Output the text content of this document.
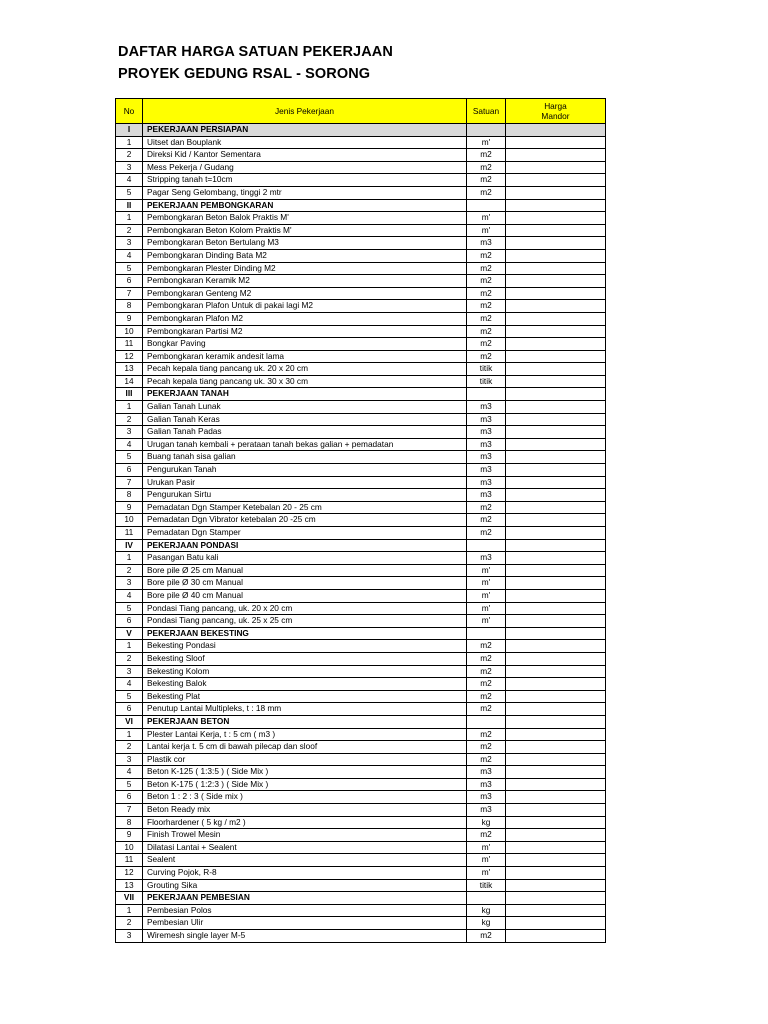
DAFTAR HARGA SATUAN PEKERJAAN
PROYEK GEDUNG RSAL - SORONG
No	Jenis Pekerjaan	Satuan	Harga
Mandor

I	PEKERJAAN PERSIAPAN		
1	Uitset dan Bouplank	m'	
2	Direksi Kid / Kantor Sementara	m2	
3	Mess Pekerja / Gudang	m2	
4	Stripping tanah t=10cm	m2	
5	Pagar Seng Gelombang, tinggi 2 mtr	m2	
II	PEKERJAAN PEMBONGKARAN		
1	Pembongkaran Beton Balok Praktis M'	m'	
2	Pembongkaran Beton Kolom Praktis M'	m'	
3	Pembongkaran Beton Bertulang M3	m3	
4	Pembongkaran Dinding Bata M2	m2	
5	Pembongkaran Plester Dinding M2	m2	
6	Pembongkaran Keramik M2	m2	
7	Pembongkaran Genteng M2	m2	
8	Pembongkaran Plafon Untuk di pakai lagi M2	m2	
9	Pembongkaran Plafon M2	m2	
10	Pembongkaran Partisi M2	m2	
11	Bongkar Paving	m2	
12	Pembongkaran keramik andesit lama	m2	
13	Pecah kepala tiang pancang uk. 20 x 20 cm	titik	
14	Pecah kepala tiang pancang uk. 30 x 30 cm	titik	
III	PEKERJAAN TANAH		
1	Galian Tanah Lunak	m3	
2	Galian Tanah Keras	m3	
3	Galian Tanah Padas	m3	
4	Urugan tanah kembali + perataan tanah bekas galian + pemadatan	m3	
5	Buang tanah sisa galian	m3	
6	Pengurukan Tanah	m3	
7	Urukan Pasir	m3	
8	Pengurukan Sirtu	m3	
9	Pemadatan Dgn Stamper Ketebalan 20 - 25 cm	m2	
10	Pemadatan Dgn Vibrator ketebalan 20 -25 cm	m2	
11	Pemadatan Dgn Stamper	m2	
IV	PEKERJAAN PONDASI		
1	Pasangan Batu kali	m3	
2	Bore pile Ø 25 cm Manual	m'	
3	Bore pile Ø 30 cm Manual	m'	
4	Bore pile Ø 40 cm Manual	m'	
5	Pondasi Tiang pancang, uk. 20 x 20 cm	m'	
6	Pondasi Tiang pancang, uk. 25 x 25 cm	m'	
V	PEKERJAAN BEKESTING		
1	Bekesting Pondasi	m2	
2	Bekesting Sloof	m2	
3	Bekesting Kolom	m2	
4	Bekesting Balok	m2	
5	Bekesting Plat	m2	
6	Penutup Lantai Multipleks, t : 18 mm	m2	
VI	PEKERJAAN BETON		
1	Plester Lantai Kerja, t : 5 cm ( m3 )	m2	
2	Lantai kerja t. 5 cm di bawah pilecap dan sloof	m2	
3	Plastik cor	m2	
4	Beton K-125 ( 1:3:5 ) ( Side Mix )	m3	
5	Beton K-175 ( 1:2:3 ) ( Side Mix )	m3	
6	Beton 1 : 2 : 3 ( Side mix )	m3	
7	Beton Ready mix	m3	
8	Floorhardener ( 5 kg / m2 )	kg	
9	Finish Trowel Mesin	m2	
10	Dilatasi Lantai + Sealent	m'	
11	Sealent	m'	
12	Curving Pojok, R-8	m'	
13	Grouting Sika	titik	
VII	PEKERJAAN PEMBESIAN		
1	Pembesian Polos	kg	
2	Pembesian Ulir	kg	
3	Wiremesh single layer M-5	m2	
